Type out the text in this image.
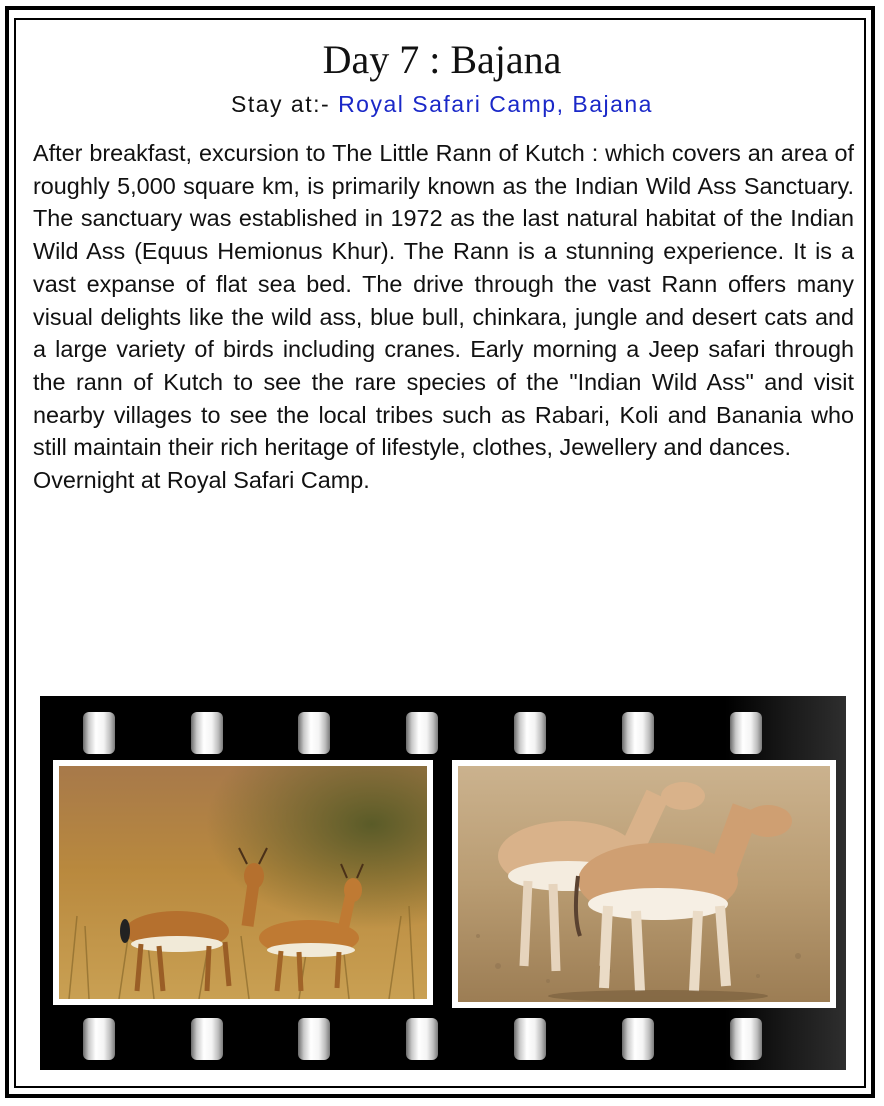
Day 7 : Bajana
Stay at:- Royal Safari Camp, Bajana

After breakfast, excursion to The Little Rann of Kutch : which covers an area of roughly 5,000 square km, is primarily known as the Indian Wild Ass Sanctuary. The sanctuary was established in 1972 as the last natural habitat of the Indian Wild Ass (Equus Hemionus Khur). The Rann is a stunning experience. It is a vast expanse of flat sea bed. The drive through the vast Rann offers many visual delights like the wild ass, blue bull, chinkara, jungle and desert cats and a large variety of birds including cranes. Early morning a Jeep safari through the rann of Kutch to see the rare species of the "Indian Wild Ass" and visit nearby villages to see the local tribes such as Rabari, Koli and Banania who still maintain their rich heritage of lifestyle, clothes, Jewellery and dances.

Overnight at Royal Safari Camp.
